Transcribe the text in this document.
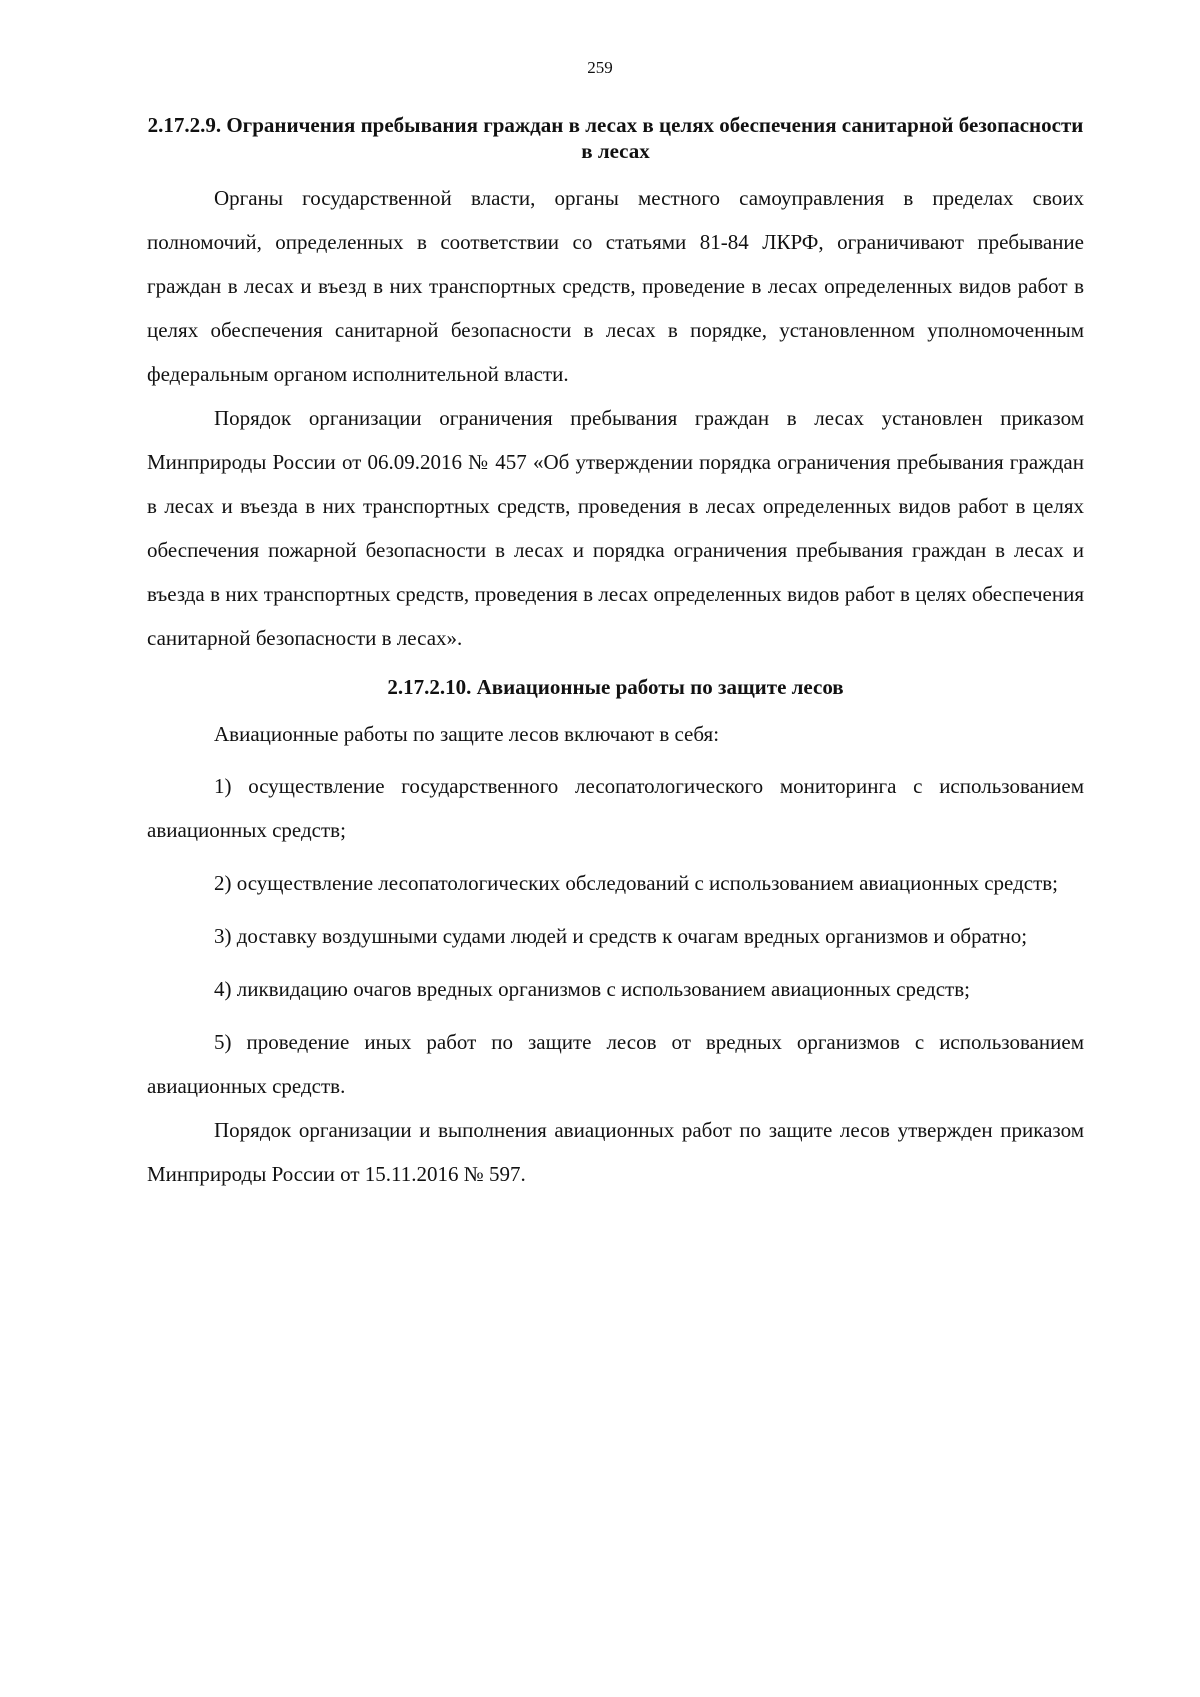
259
2.17.2.9. Ограничения пребывания граждан в лесах в целях обеспечения санитарной безопасности в лесах

Органы государственной власти, органы местного самоуправления в пределах своих полномочий, определенных в соответствии со статьями 81-84 ЛКРФ, ограничивают пребывание граждан в лесах и въезд в них транспортных средств, проведение в лесах определенных видов работ в целях обеспечения санитарной безопасности в лесах в порядке, установленном уполномоченным федеральным органом исполнительной власти.

Порядок организации ограничения пребывания граждан в лесах установлен приказом Минприроды России от 06.09.2016 № 457 «Об утверждении порядка ограничения пребывания граждан в лесах и въезда в них транспортных средств, проведения в лесах определенных видов работ в целях обеспечения пожарной безопасности в лесах и порядка ограничения пребывания граждан в лесах и въезда в них транспортных средств, проведения в лесах определенных видов работ в целях обеспечения санитарной безопасности в лесах».

2.17.2.10. Авиационные работы по защите лесов

Авиационные работы по защите лесов включают в себя:

1) осуществление государственного лесопатологического мониторинга с использованием авиационных средств;

2) осуществление лесопатологических обследований с использованием авиационных средств;

3) доставку воздушными судами людей и средств к очагам вредных организмов и обратно;

4) ликвидацию очагов вредных организмов с использованием авиационных средств;

5) проведение иных работ по защите лесов от вредных организмов с использованием авиационных средств.

Порядок организации и выполнения авиационных работ по защите лесов утвержден приказом Минприроды России от 15.11.2016 № 597.
